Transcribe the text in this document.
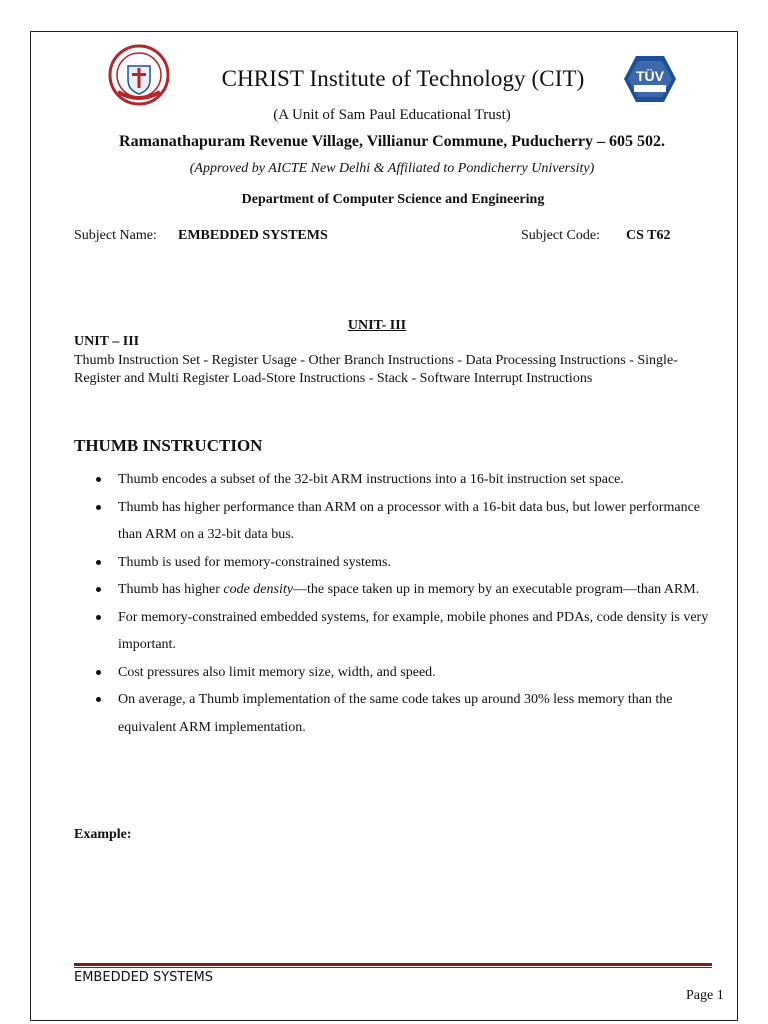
TÜV
CHRIST Institute of Technology (CIT)
(A Unit of Sam Paul Educational Trust)
Ramanathapuram Revenue Village, Villianur Commune, Puducherry – 605 502.
(Approved by AICTE New Delhi & Affiliated to Pondicherry University)
Department of Computer Science and Engineering
Subject Name: EMBEDDED SYSTEMS	Subject Code: CS T62
UNIT- III
UNIT – III
Thumb Instruction Set - Register Usage - Other Branch Instructions - Data Processing Instructions - Single-Register and Multi Register Load-Store Instructions - Stack - Software Interrupt Instructions
THUMB INSTRUCTION
Thumb encodes a subset of the 32-bit ARM instructions into a 16-bit instruction set space.
Thumb has higher performance than ARM on a processor with a 16-bit data bus, but lower performance than ARM on a 32-bit data bus.
Thumb is used for memory-constrained systems.
Thumb has higher code density—the space taken up in memory by an executable program—than ARM.
For memory-constrained embedded systems, for example, mobile phones and PDAs, code density is very important.
Cost pressures also limit memory size, width, and speed.
On average, a Thumb implementation of the same code takes up around 30% less memory than the equivalent ARM implementation.
Example:
EMBEDDED SYSTEMS
Page 1
